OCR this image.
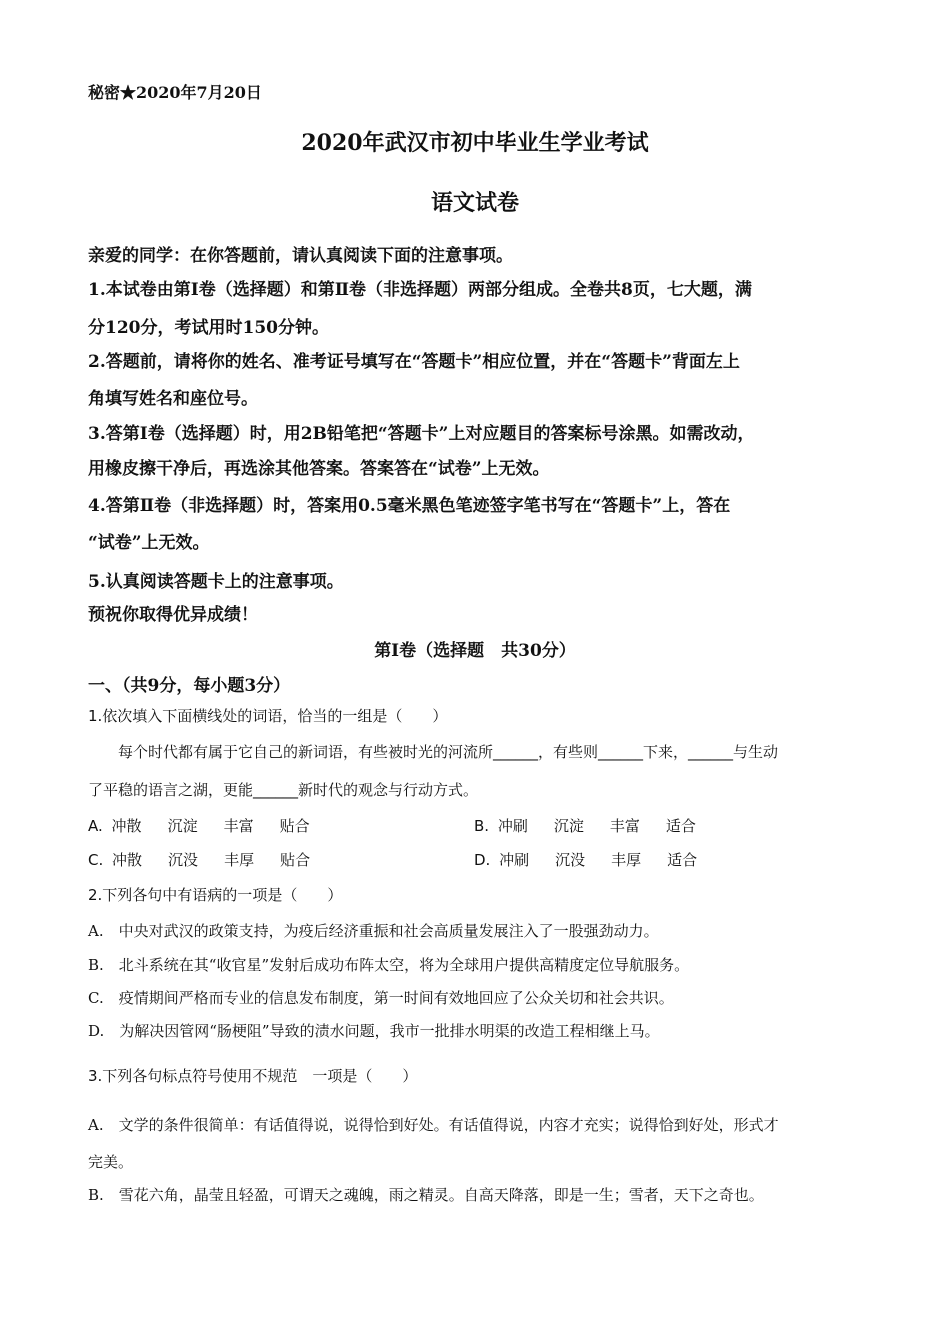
秘密★2020年7月20日
2020年武汉市初中毕业生学业考试
语文试卷
亲爱的同学：在你答题前，请认真阅读下面的注意事项。
1.本试卷由第Ⅰ卷（选择题）和第Ⅱ卷（非选择题）两部分组成。全卷共8页，七大题，满
分120分，考试用时150分钟。
2.答题前，请将你的姓名、准考证号填写在“答题卡”相应位置，并在“答题卡”背面左上
角填写姓名和座位号。
3.答第Ⅰ卷（选择题）时，用2B铅笔把“答题卡”上对应题目的答案标号涂黑。如需改动，
用橡皮擦干净后，再选涂其他答案。答案答在“试卷”上无效。
4.答第Ⅱ卷（非选择题）时，答案用0.5毫米黑色笔迹签字笔书写在“答题卡”上，答在
“试卷”上无效。
5.认真阅读答题卡上的注意事项。
预祝你取得优异成绩！
第Ⅰ卷（选择题　共30分）
一、（共9分，每小题3分）
1.依次填入下面横线处的词语，恰当的一组是（　　）
每个时代都有属于它自己的新词语，有些被时光的河流所______，有些则______下来，______与生动
了平稳的语言之湖，更能______新时代的观念与行动方式。
A. 冲散 沉淀 丰富 贴合	B. 冲刷 沉淀 丰富 适合
C. 冲散 沉没 丰厚 贴合	D. 冲刷 沉没 丰厚 适合
2.下列各句中有语病的一项是（　　）
A.　中央对武汉的政策支持，为疫后经济重振和社会高质量发展注入了一股强劲动力。
B.　北斗系统在其“收官星”发射后成功布阵太空，将为全球用户提供高精度定位导航服务。
C.　疫情期间严格而专业的信息发布制度，第一时间有效地回应了公众关切和社会共识。
D.　为解决因管网“肠梗阻”导致的渍水问题，我市一批排水明渠的改造工程相继上马。
3.下列各句标点符号使用不规范　一项是（　　）
A.　文学的条件很简单：有话值得说，说得恰到好处。有话值得说，内容才充实；说得恰到好处，形式才
完美。
B.　雪花六角，晶莹且轻盈，可谓天之魂魄，雨之精灵。自高天降落，即是一生；雪者，天下之奇也。
